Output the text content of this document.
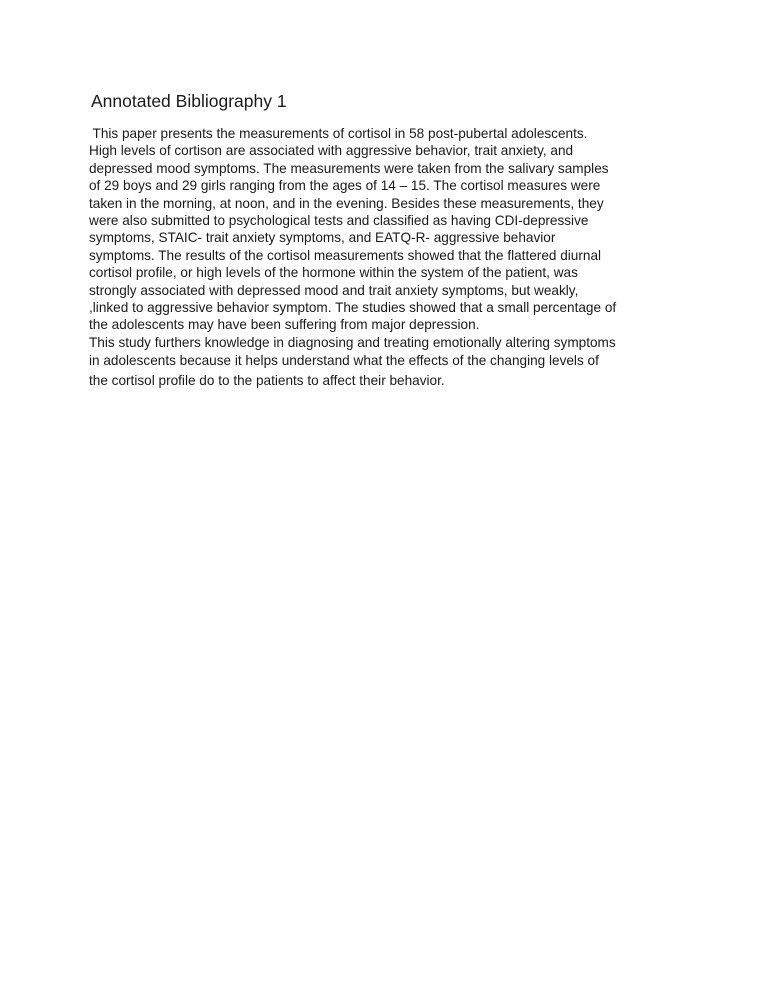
Annotated Bibliography 1
This paper presents the measurements of cortisol in 58 post-pubertal adolescents.
High levels of cortison are associated with aggressive behavior, trait anxiety, and
depressed mood symptoms. The measurements were taken from the salivary samples
of 29 boys and 29 girls ranging from the ages of 14 – 15. The cortisol measures were
taken in the morning, at noon, and in the evening. Besides these measurements, they
were also submitted to psychological tests and classified as having CDI-depressive
symptoms, STAIC- trait anxiety symptoms, and EATQ-R- aggressive behavior
symptoms. The results of the cortisol measurements showed that the flattered diurnal
cortisol profile, or high levels of the hormone within the system of the patient, was
strongly associated with depressed mood and trait anxiety symptoms, but weakly,
,linked to aggressive behavior symptom. The studies showed that a small percentage of
the adolescents may have been suffering from major depression.
This study furthers knowledge in diagnosing and treating emotionally altering symptoms
in adolescents because it helps understand what the effects of the changing levels of
the cortisol profile do to the patients to affect their behavior.
